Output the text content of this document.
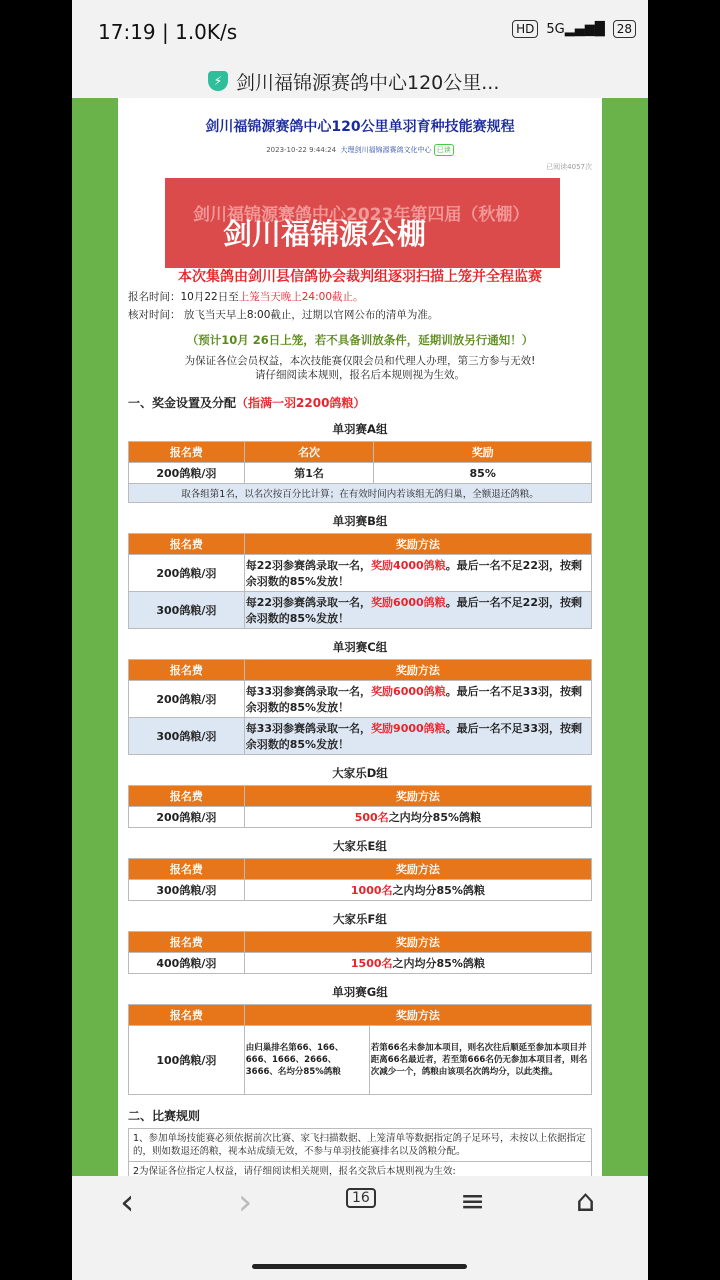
17:19 | 1.0K/s	HD 5G▂▄▆█	28
⚡ 剑川福锦源赛鸽中心120公里...
剑川福锦源赛鸽中心120公里单羽育种技能赛规程
2023-10-22 9:44:24 大理剑川福锦源赛鸽文化中心 已读
已阅读4057次
本次集鸽由剑川县信鸽协会裁判组逐羽扫描上笼并全程监赛
报名时间：10月22日至上笼当天晚上24:00截止。
核对时间： 放飞当天早上8:00截止，过期以官网公布的清单为准。
（预计10月 26日上笼，若不具备训放条件，延期训放另行通知！）
为保证各位会员权益，本次技能赛仅限会员和代理人办理，第三方参与无效!
请仔细阅读本规则，报名后本规则视为生效。
一、奖金设置及分配（指满一羽2200鸽粮）
单羽赛A组
报名费	名次	奖励
200鸽粮/羽	第1名	85%
取各组第1名，以名次按百分比计算；在有效时间内若该组无鸽归巢，全额退还鸽粮。		
单羽赛B组
报名费	奖励方法
200鸽粮/羽	每22羽参赛鸽录取一名，奖励4000鸽粮。最后一名不足22羽，按剩余羽数的85%发放！
300鸽粮/羽	每22羽参赛鸽录取一名，奖励6000鸽粮。最后一名不足22羽，按剩余羽数的85%发放！
单羽赛C组
报名费	奖励方法
200鸽粮/羽	每33羽参赛鸽录取一名，奖励6000鸽粮。最后一名不足33羽，按剩余羽数的85%发放！
300鸽粮/羽	每33羽参赛鸽录取一名，奖励9000鸽粮。最后一名不足33羽，按剩余羽数的85%发放！
大家乐D组
报名费	奖励方法
200鸽粮/羽	500名之内均分85%鸽粮
大家乐E组
报名费	奖励方法
300鸽粮/羽	1000名之内均分85%鸽粮
大家乐F组
报名费	奖励方法
400鸽粮/羽	1500名之内均分85%鸽粮
单羽赛G组
报名费	奖励方法	
100鸽粮/羽	由归巢排名第66、166、666、1666、2666、3666、名均分85%鸽粮	若第66名未参加本项目，则名次往后顺延至参加本项目并距离66名最近者，若至第666名仍无参加本项目者，则名次减少一个，鸽粮由该项名次鸽均分，以此类推。
二、比赛规则
1、参加单场技能赛必须依据前次比赛、家飞扫描数据、上笼清单等数据指定鸽子足环号，未按以上依据指定的，则如数退还鸽粮，视本站成绩无效，不参与单羽技能赛排名以及鸽粮分配。
2为保证各位指定人权益，请仔细阅读相关规则，报名交款后本规则视为生效:
剑川福锦源赛鸽中心2023年第四届（秋棚）
剑川福锦源公棚
‹	›	16	≡	⌂
